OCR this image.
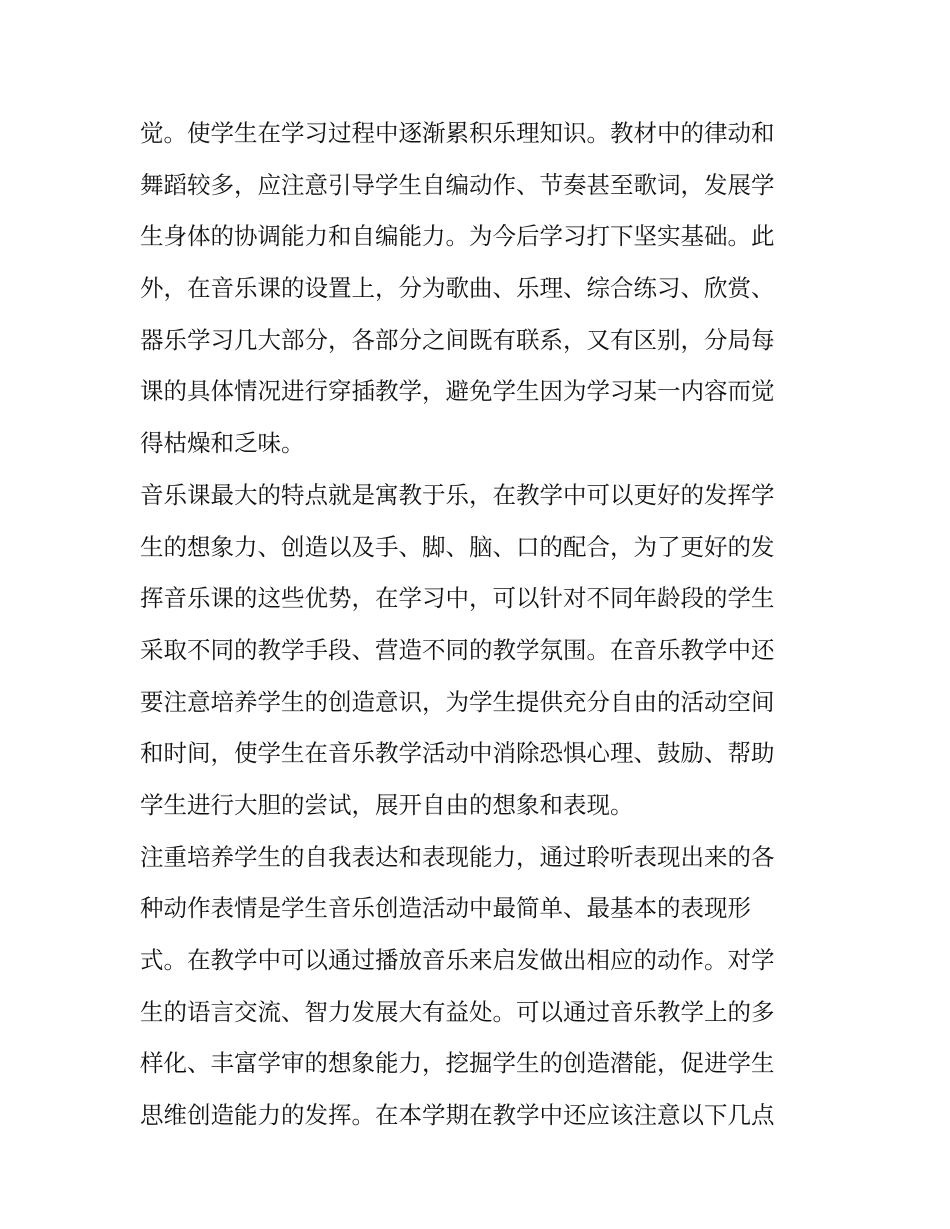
觉。使学生在学习过程中逐渐累积乐理知识。教材中的律动和
舞蹈较多，应注意引导学生自编动作、节奏甚至歌词，发展学
生身体的协调能力和自编能力。为今后学习打下坚实基础。此
外，在音乐课的设置上，分为歌曲、乐理、综合练习、欣赏、
器乐学习几大部分，各部分之间既有联系，又有区别，分局每
课的具体情况进行穿插教学，避免学生因为学习某一内容而觉
得枯燥和乏味。
音乐课最大的特点就是寓教于乐，在教学中可以更好的发挥学
生的想象力、创造以及手、脚、脑、口的配合，为了更好的发
挥音乐课的这些优势，在学习中，可以针对不同年龄段的学生
采取不同的教学手段、营造不同的教学氛围。在音乐教学中还
要注意培养学生的创造意识，为学生提供充分自由的活动空间
和时间，使学生在音乐教学活动中消除恐惧心理、鼓励、帮助
学生进行大胆的尝试，展开自由的想象和表现。
注重培养学生的自我表达和表现能力，通过聆听表现出来的各
种动作表情是学生音乐创造活动中最简单、最基本的表现形
式。在教学中可以通过播放音乐来启发做出相应的动作。对学
生的语言交流、智力发展大有益处。可以通过音乐教学上的多
样化、丰富学审的想象能力，挖掘学生的创造潜能，促进学生
思维创造能力的发挥。在本学期在教学中还应该注意以下几点
